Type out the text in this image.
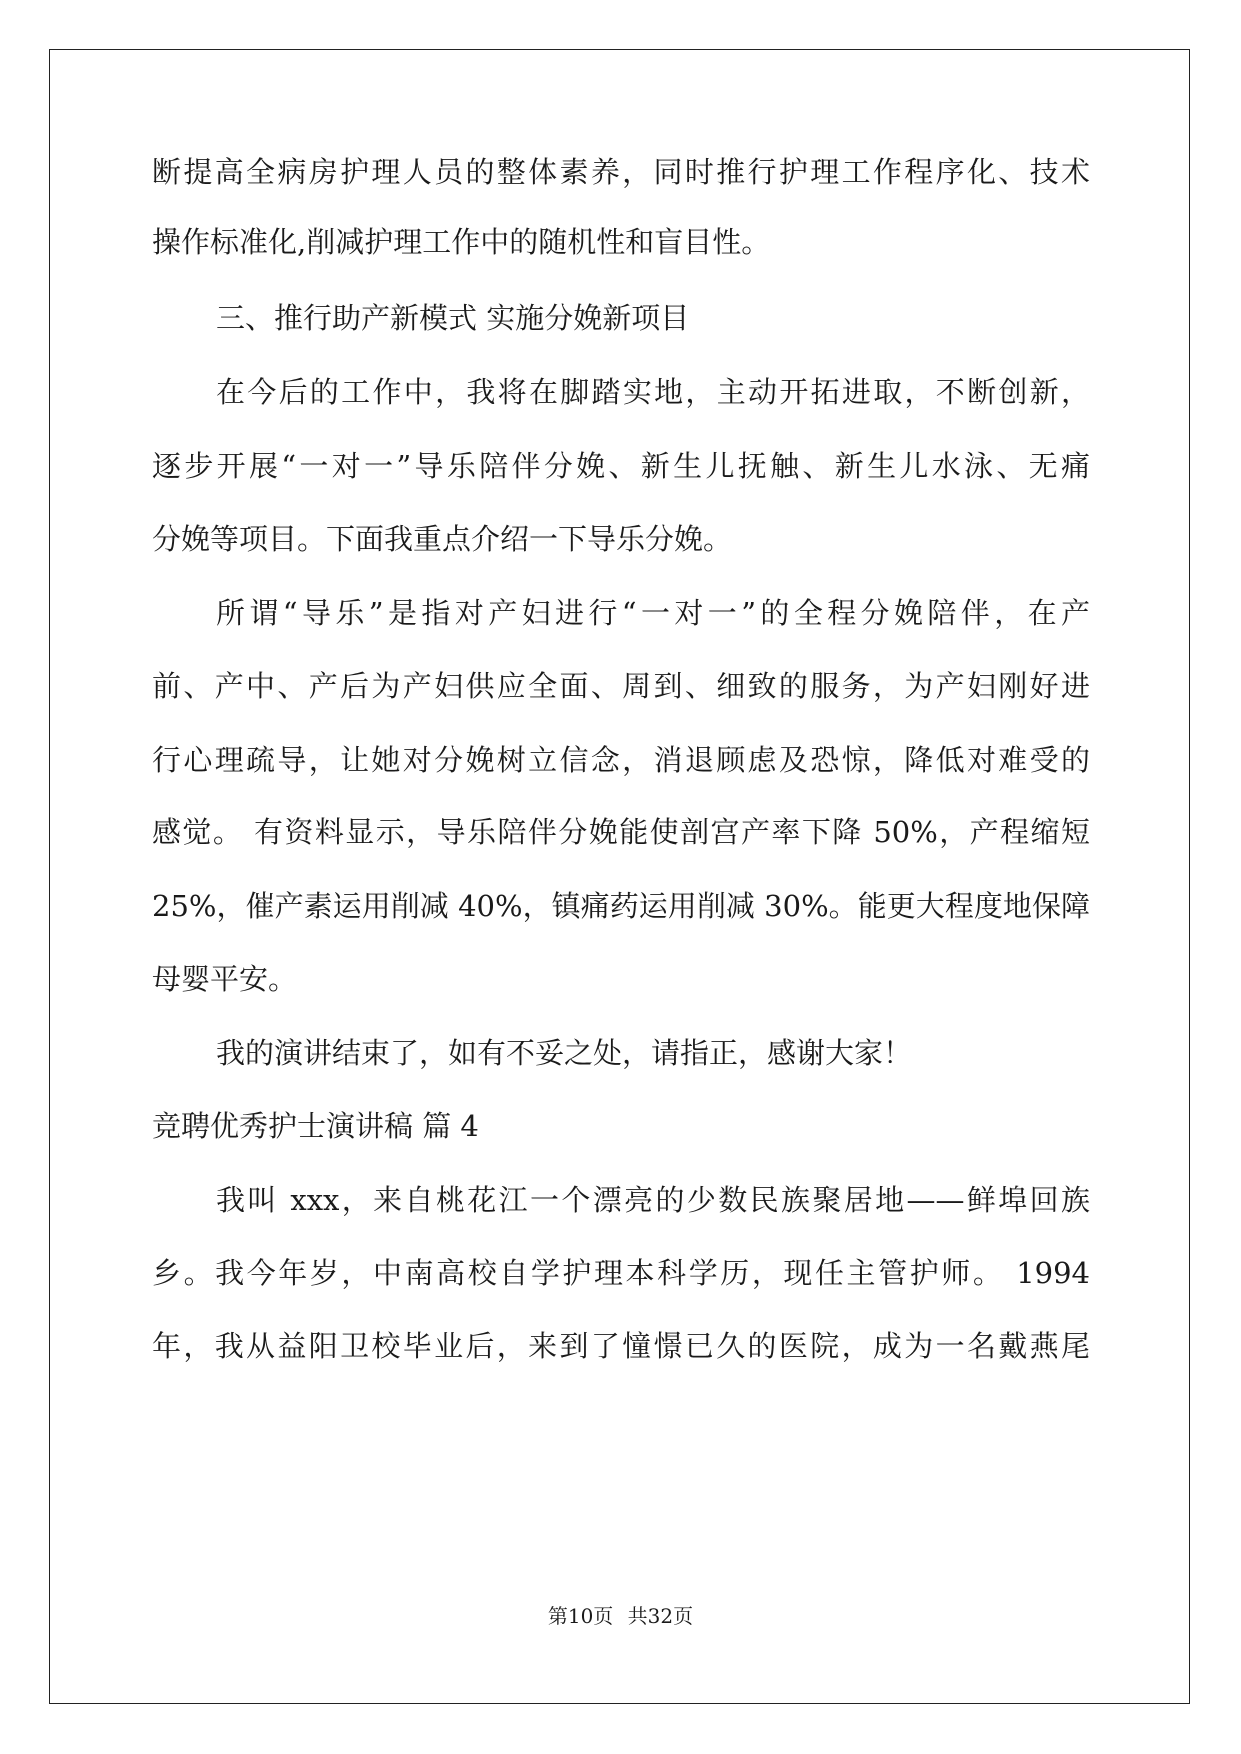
断提高全病房护理人员的整体素养，同时推行护理工作程序化、技术
操作标准化,削减护理工作中的随机性和盲目性。
三、推行助产新模式 实施分娩新项目
在今后的工作中，我将在脚踏实地，主动开拓进取，不断创新，
逐步开展“一对一”导乐陪伴分娩、新生儿抚触、新生儿水泳、无痛
分娩等项目。下面我重点介绍一下导乐分娩。
所谓“导乐”是指对产妇进行“一对一”的全程分娩陪伴，在产
前、产中、产后为产妇供应全面、周到、细致的服务，为产妇刚好进
行心理疏导，让她对分娩树立信念，消退顾虑及恐惊，降低对难受的
感觉。 有资料显示，导乐陪伴分娩能使剖宫产率下降 50%，产程缩短
25%，催产素运用削减 40%，镇痛药运用削减 30%。能更大程度地保障
母婴平安。
我的演讲结束了，如有不妥之处，请指正，感谢大家！
竞聘优秀护士演讲稿 篇 4
我叫 xxx，来自桃花江一个漂亮的少数民族聚居地——鲜埠回族
乡。我今年岁，中南高校自学护理本科学历，现任主管护师。 1994
年，我从益阳卫校毕业后，来到了憧憬已久的医院，成为一名戴燕尾
第10页 共32页
